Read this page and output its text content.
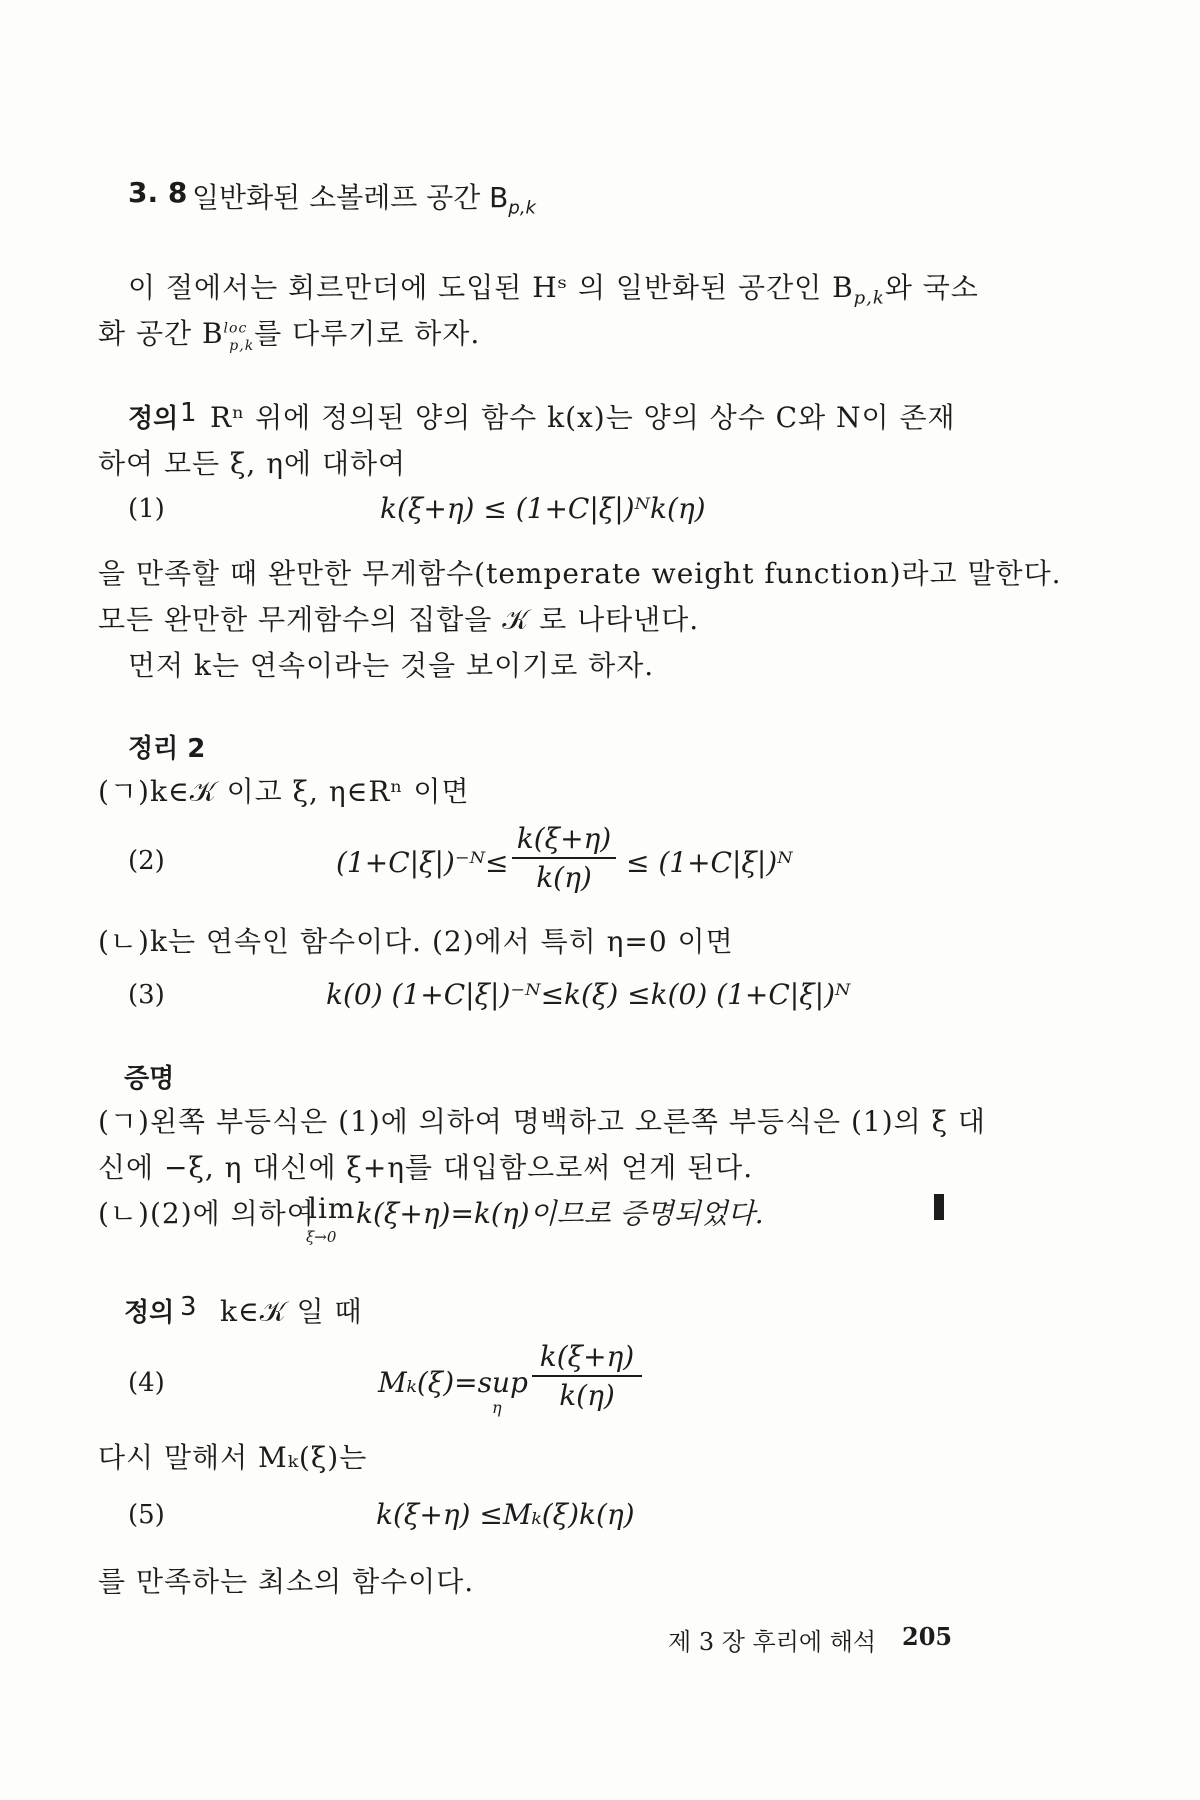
3. 8 일반화된 소볼레프 공간 $B_{p,k}$
이 절에서는 회르만더에 도입된 Hˢ 의 일반화된 공간인 $B_{p,k}$와 국소
화 공간 $B^{loc}_{p,k}$를 다루기로 하자.
정의 1 Rⁿ 위에 정의된 양의 함수 k(x)는 양의 상수 C와 N이 존재
하여 모든 ξ, η에 대하여
(1)	k(ξ+η) ≤ (1+C|ξ|)ᴺk(η)
을 만족할 때 완만한 무게함수(temperate weight function)라고 말한다.
모든 완만한 무게함수의 집합을 𝒦 로 나타낸다.
먼저 k는 연속이라는 것을 보이기로 하자.
정리 2
(ㄱ) k∈𝒦 이고 ξ, η∈Rⁿ 이면
(2)	(1+C|ξ|)⁻ᴺ≤
k(ξ+η)
k(η)	≤ (1+C|ξ|)ᴺ
(ㄴ) k는 연속인 함수이다. (2)에서 특히 η=0 이면
(3)	k(0) (1+C|ξ|)⁻ᴺ≤k(ξ) ≤k(0) (1+C|ξ|)ᴺ
증명
(ㄱ) 왼쪽 부등식은 (1)에 의하여 명백하고 오른쪽 부등식은 (1)의 ξ 대
신에 −ξ, η 대신에 ξ+η를 대입함으로써 얻게 된다.
(ㄴ) (2)에 의하여
lim
ξ→0
k(ξ+η)=k(η)이므로 증명되었다.
정의 3 k∈𝒦 일 때
(4)	Mₖ(ξ)=sup
η
k(ξ+η)
k(η)
다시 말해서 Mₖ(ξ)는
(5)	k(ξ+η) ≤Mₖ(ξ)k(η)
를 만족하는 최소의 함수이다.
제 3 장 후리에 해석 205
